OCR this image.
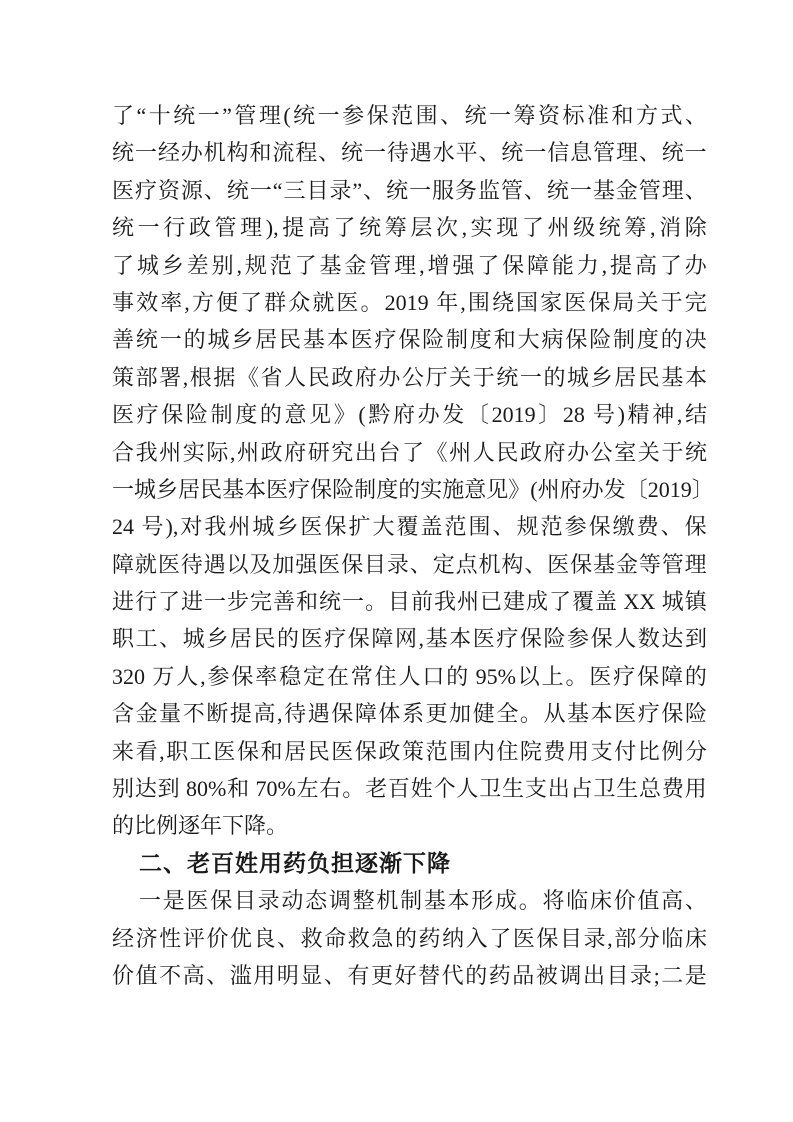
了 “ 十 统 一 ” 管 理 ( 统 一 参 保 范 围 、 统 一 筹 资 标 准 和 方 式 、
统 一 经 办 机 构 和 流 程 、 统 一 待 遇 水 平 、 统 一 信 息 管 理 、 统 一
医 疗 资 源 、 统 一 “ 三 目 录 ” 、 统 一 服 务 监 管 、 统 一 基 金 管 理 、
统 一 行 政 管 理 ), 提 高 了 统 筹 层 次 , 实 现 了 州 级 统 筹 , 消 除
了 城 乡 差 别 , 规 范 了 基 金 管 理 , 增 强 了 保 障 能 力 , 提 高 了 办
事 效 率 , 方 便 了 群 众 就 医 。 2019 年 , 围 绕 国 家 医 保 局 关 于 完
善 统 一 的 城 乡 居 民 基 本 医 疗 保 险 制 度 和 大 病 保 险 制 度 的 决
策 部 署 , 根 据 《 省 人 民 政 府 办 公 厅 关 于 统 一 的 城 乡 居 民 基 本
医 疗 保 险 制 度 的 意 见 》 ( 黔 府 办 发 〔 2019 〕 28 号 ) 精 神 , 结
合 我 州 实 际 , 州 政 府 研 究 出 台 了 《 州 人 民 政 府 办 公 室 关 于 统
一 城 乡 居 民 基 本 医 疗 保 险 制 度 的 实 施 意 见 》 ( 州 府 办 发 〔 2019 〕
24 号 ), 对 我 州 城 乡 医 保 扩 大 覆 盖 范 围 、 规 范 参 保 缴 费 、 保
障 就 医 待 遇 以 及 加 强 医 保 目 录 、 定 点 机 构 、 医 保 基 金 等 管 理
进 行 了 进 一 步 完 善 和 统 一 。 目 前 我 州 已 建 成 了 覆 盖 XX 城 镇
职 工 、 城 乡 居 民 的 医 疗 保 障 网 , 基 本 医 疗 保 险 参 保 人 数 达 到
320 万 人 , 参 保 率 稳 定 在 常 住 人 口 的 95% 以 上 。 医 疗 保 障 的
含 金 量 不 断 提 高 , 待 遇 保 障 体 系 更 加 健 全 。 从 基 本 医 疗 保 险
来 看 , 职 工 医 保 和 居 民 医 保 政 策 范 围 内 住 院 费 用 支 付 比 例 分
别 达 到 80% 和 70% 左 右 。 老 百 姓 个 人 卫 生 支 出 占 卫 生 总 费 用
的比例逐年下降。
二、老百姓用药负担逐渐下降
一 是 医 保 目 录 动 态 调 整 机 制 基 本 形 成 。 将 临 床 价 值 高 、
经 济 性 评 价 优 良 、 救 命 救 急 的 药 纳 入 了 医 保 目 录 , 部 分 临 床
价 值 不 高 、 滥 用 明 显 、 有 更 好 替 代 的 药 品 被 调 出 目 录 ; 二 是
